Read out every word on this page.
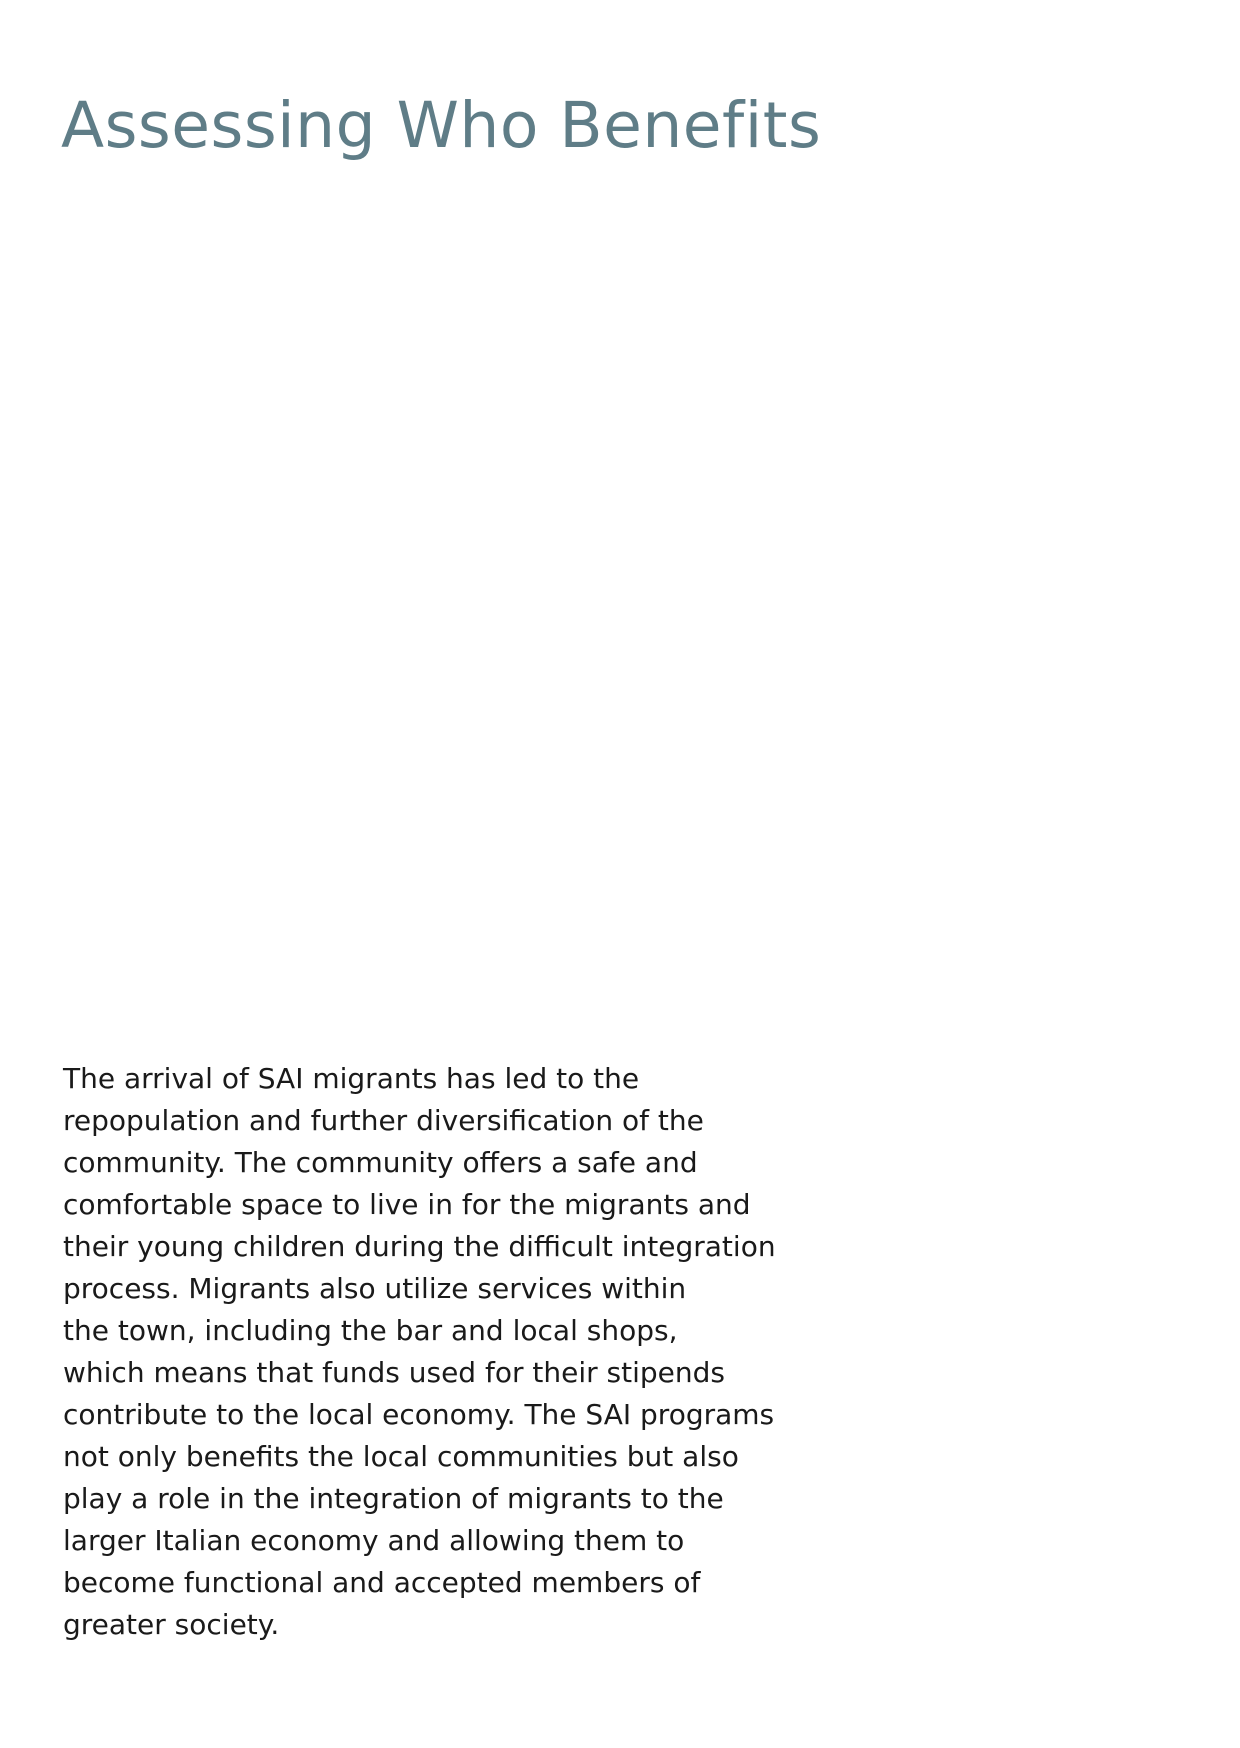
Assessing Who Benefits
The arrival of SAI migrants has led to the
repopulation and further diversification of the
community. The community offers a safe and
comfortable space to live in for the migrants and
their young children during the difficult integration
process. Migrants also utilize services within
the town, including the bar and local shops,
which means that funds used for their stipends
contribute to the local economy. The SAI programs
not only benefits the local communities but also
play a role in the integration of migrants to the
larger Italian economy and allowing them to
become functional and accepted members of
greater society.
